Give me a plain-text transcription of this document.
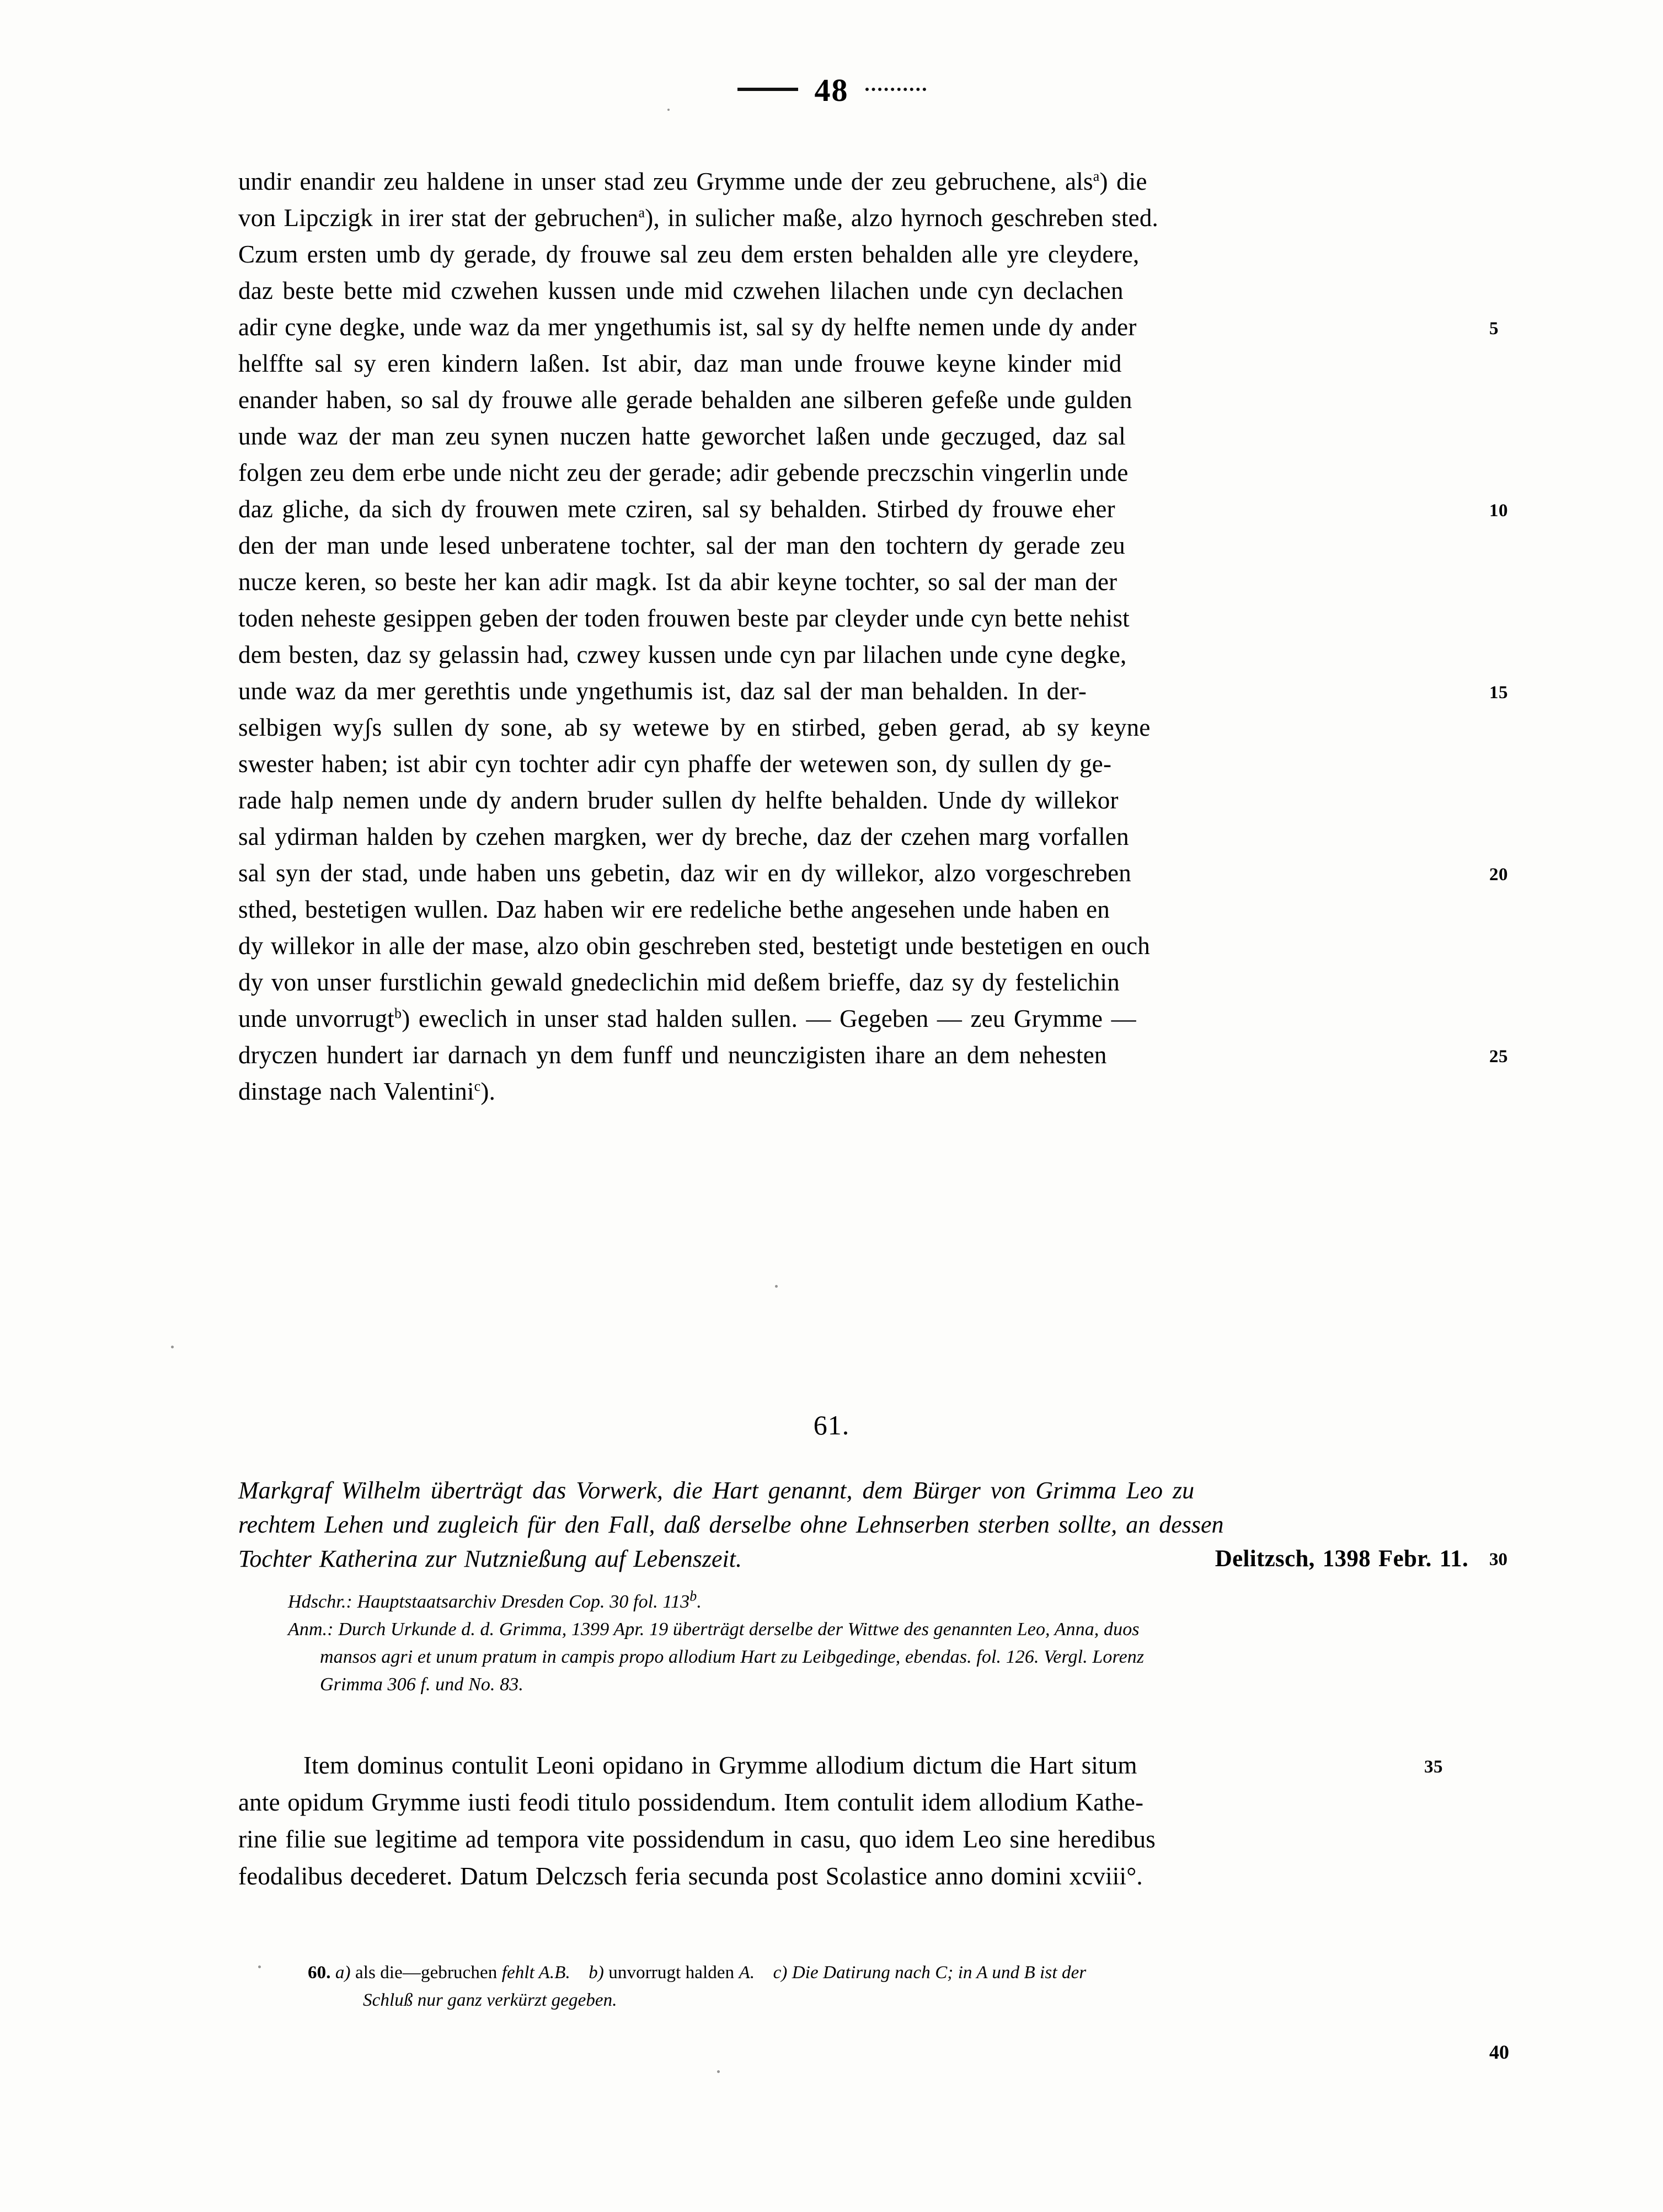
48
undir enandir zeu haldene in unser stad zeu Grymme unde der zeu gebruchene, als$^a$) die
von Lipczigk in irer stat der gebruchen$^a$), in sulicher maße, alzo hyrnoch geschreben sted.
Czum ersten umb dy gerade, dy frouwe sal zeu dem ersten behalden alle yre cleydere,
daz beste bette mid czwehen kussen unde mid czwehen lilachen unde cyn declachen
adir cyne degke, unde waz da mer yngethumis ist, sal sy dy helfte nemen unde dy ander	5
helffte sal sy eren kindern laßen. Ist abir, daz man unde frouwe keyne kinder mid
enander haben, so sal dy frouwe alle gerade behalden ane silberen gefeße unde gulden
unde waz der man zeu synen nuczen hatte geworchet laßen unde geczuged, daz sal
folgen zeu dem erbe unde nicht zeu der gerade; adir gebende preczschin vingerlin unde
daz gliche, da sich dy frouwen mete cziren, sal sy behalden. Stirbed dy frouwe eher	10
den der man unde lesed unberatene tochter, sal der man den tochtern dy gerade zeu
nucze keren, so beste her kan adir magk. Ist da abir keyne tochter, so sal der man der
toden neheste gesippen geben der toden frouwen beste par cleyder unde cyn bette nehist
dem besten, daz sy gelassin had, czwey kussen unde cyn par lilachen unde cyne degke,
unde waz da mer gerethtis unde yngethumis ist, daz sal der man behalden. In der-	15
selbigen wyʃs sullen dy sone, ab sy wetewe by en stirbed, geben gerad, ab sy keyne
swester haben; ist abir cyn tochter adir cyn phaffe der wetewen son, dy sullen dy ge-
rade halp nemen unde dy andern bruder sullen dy helfte behalden. Unde dy willekor
sal ydirman halden by czehen margken, wer dy breche, daz der czehen marg vorfallen
sal syn der stad, unde haben uns gebetin, daz wir en dy willekor, alzo vorgeschreben	20
sthed, bestetigen wullen. Daz haben wir ere redeliche bethe angesehen unde haben en
dy willekor in alle der mase, alzo obin geschreben sted, bestetigt unde bestetigen en ouch
dy von unser furstlichin gewald gnedeclichin mid deßem brieffe, daz sy dy festelichin
unde unvorrugt$^b$) eweclich in unser stad halden sullen. — Gegeben — zeu Grymme —
dryczen hundert iar darnach yn dem funff und neunczigisten ihare an dem nehesten	25
dinstage nach Valentini$^c$).
61.
Markgraf Wilhelm überträgt das Vorwerk, die Hart genannt, dem Bürger von Grimma Leo zu
rechtem Lehen und zugleich für den Fall, daß derselbe ohne Lehnserben sterben sollte, an dessen
Tochter Katherina zur Nutznießung auf Lebenszeit.	Delitzsch, 1398 Febr. 11. 30
Hdschr.: Hauptstaatsarchiv Dresden Cop. 30 fol. 113$^b$.
Anm.: Durch Urkunde d. d. Grimma, 1399 Apr. 19 überträgt derselbe der Wittwe des genannten Leo, Anna, duos
mansos agri et unum pratum in campis propo allodium Hart zu Leibgedinge, ebendas. fol. 126. Vergl. Lorenz
Grimma 306 f. und No. 83.
Item dominus contulit Leoni opidano in Grymme allodium dictum die Hart situm	35
ante opidum Grymme iusti feodi titulo possidendum. Item contulit idem allodium Kathe-
rine filie sue legitime ad tempora vite possidendum in casu, quo idem Leo sine heredibus
feodalibus decederet. Datum Delczsch feria secunda post Scolastice anno domini xcviii°.
60. a) als die—gebruchen fehlt A.B. b) unvorrugt halden A. c) Die Datirung nach C; in A und B ist der
Schluß nur ganz verkürzt gegeben.
40
